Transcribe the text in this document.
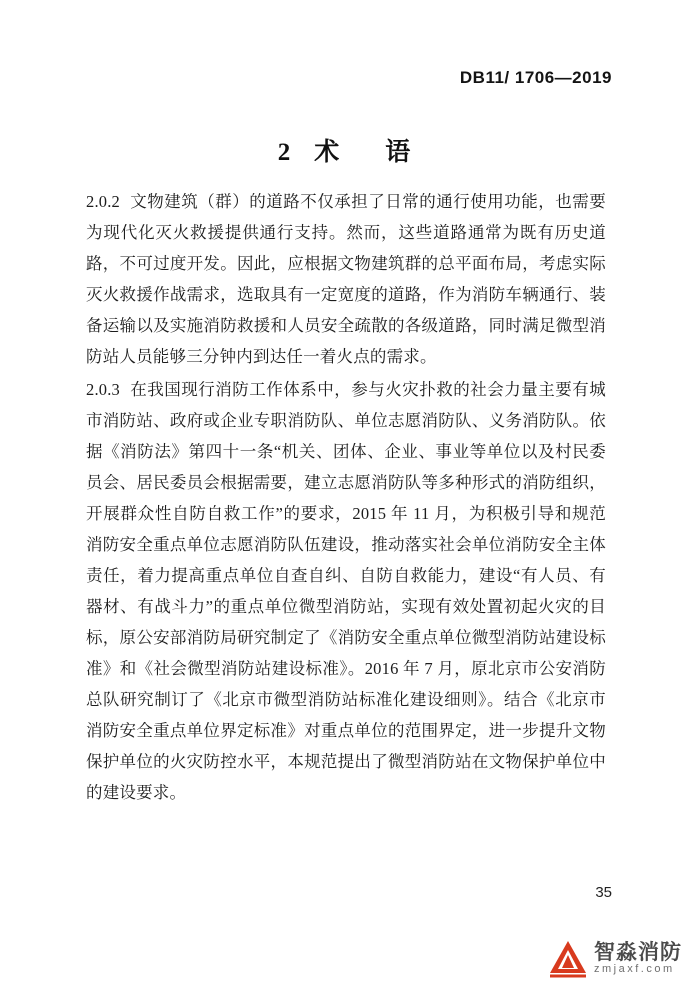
DB11/ 1706—2019
2 术 语

2.0.2 文物建筑（群）的道路不仅承担了日常的通行使用功能，也需要为现代化灭火救援提供通行支持。然而，这些道路通常为既有历史道路，不可过度开发。因此，应根据文物建筑群的总平面布局，考虑实际灭火救援作战需求，选取具有一定宽度的道路，作为消防车辆通行、装备运输以及实施消防救援和人员安全疏散的各级道路，同时满足微型消防站人员能够三分钟内到达任一着火点的需求。

2.0.3 在我国现行消防工作体系中，参与火灾扑救的社会力量主要有城市消防站、政府或企业专职消防队、单位志愿消防队、义务消防队。依据《消防法》第四十一条“机关、团体、企业、事业等单位以及村民委员会、居民委员会根据需要，建立志愿消防队等多种形式的消防组织，开展群众性自防自救工作”的要求，2015 年 11 月，为积极引导和规范消防安全重点单位志愿消防队伍建设，推动落实社会单位消防安全主体责任，着力提高重点单位自查自纠、自防自救能力，建设“有人员、有器材、有战斗力”的重点单位微型消防站，实现有效处置初起火灾的目标，原公安部消防局研究制定了《消防安全重点单位微型消防站建设标准》和《社会微型消防站建设标准》。2016 年 7 月，原北京市公安消防总队研究制订了《北京市微型消防站标准化建设细则》。结合《北京市消防安全重点单位界定标准》对重点单位的范围界定，进一步提升文物保护单位的火灾防控水平，本规范提出了微型消防站在文物保护单位中的建设要求。

35
智淼消防
zmjaxf.com
